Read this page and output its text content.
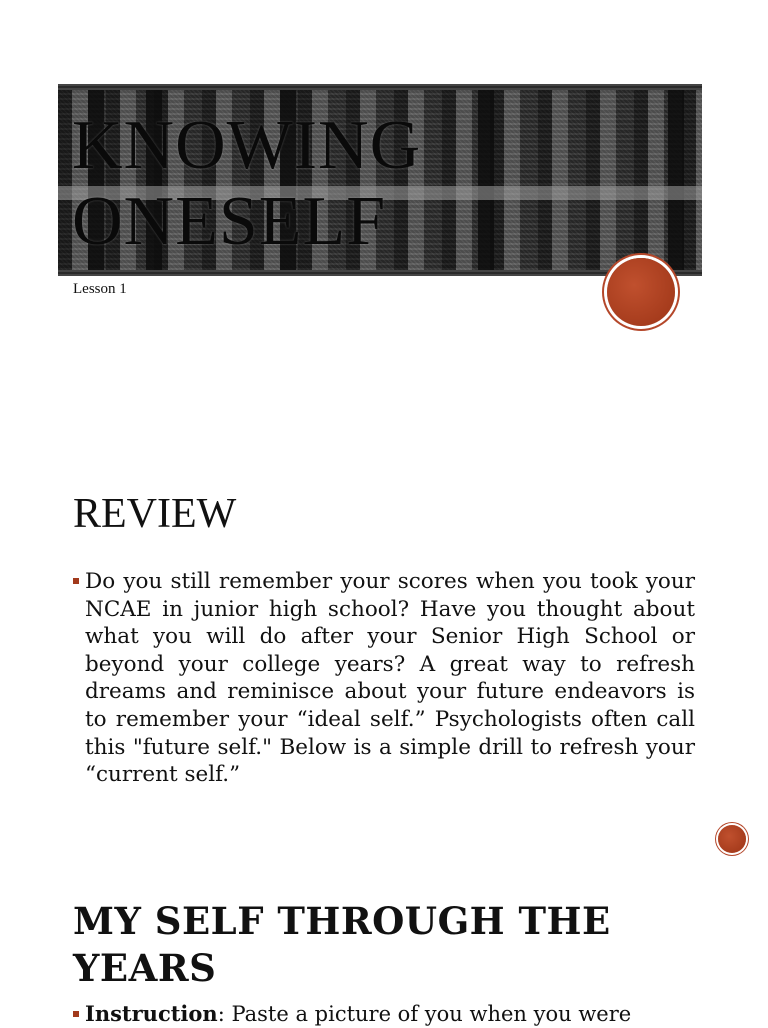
KNOWING
ONESELF
Lesson 1
REVIEW
Do you still remember your scores when you took your NCAE in junior high school? Have you thought about what you will do after your Senior High School or beyond your college years? A great way to refresh dreams and reminisce about your future endeavors is to remember your “ideal self.” Psychologists often call this "future self." Below is a simple drill to refresh your “current self.”
MY SELF THROUGH THE YEARS
Instruction: Paste a picture of you when you were
